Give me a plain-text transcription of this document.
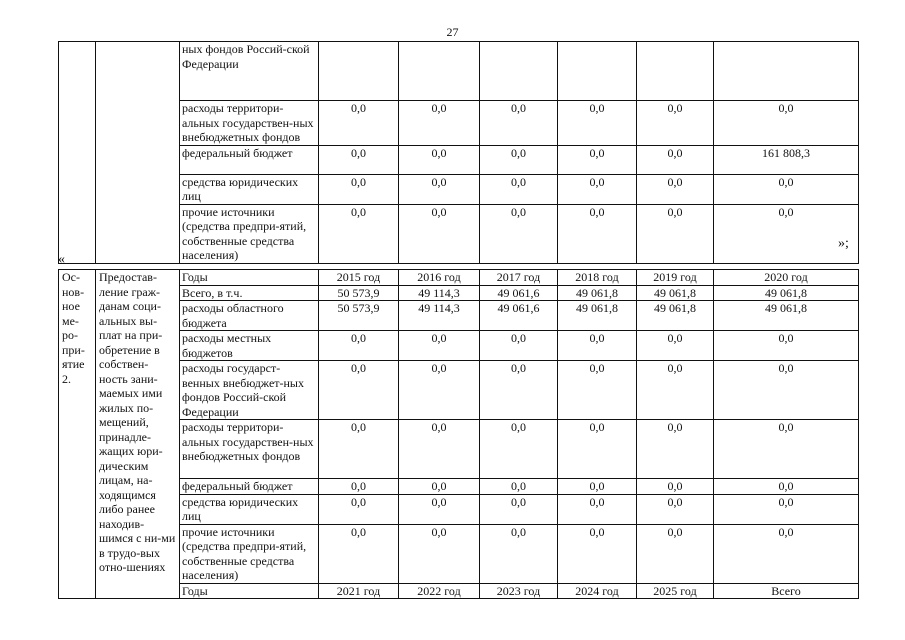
27
		ных фондов Россий-ской Федерации						
		расходы территори-альных государствен-ных внебюджетных фондов	0,0	0,0	0,0	0,0	0,0	0,0
		федеральный бюджет	0,0	0,0	0,0	0,0	0,0	161 808,3
		средства юридических лиц	0,0	0,0	0,0	0,0	0,0	0,0
		прочие источники (средства предпри-ятий, собственные средства населения)	0,0	0,0	0,0	0,0	0,0	0,0
»;
«
Ос-нов-ное ме-ро-при-ятие 2.	Предостав-ление граж-данам соци-альных вы-плат на при-обретение в собствен-ность зани-маемых ими жилых по-мещений, принадле-жащих юри-дическим лицам, на-ходящимся либо ранее находив-шимся с ни-ми в трудо-вых отно-шениях	Годы	2015 год	2016 год	2017 год	2018 год	2019 год	2020 год
		Всего, в т.ч.	50 573,9	49 114,3	49 061,6	49 061,8	49 061,8	49 061,8
		расходы областного бюджета	50 573,9	49 114,3	49 061,6	49 061,8	49 061,8	49 061,8
		расходы местных бюджетов	0,0	0,0	0,0	0,0	0,0	0,0
		расходы государст-венных внебюджет-ных фондов Россий-ской Федерации	0,0	0,0	0,0	0,0	0,0	0,0
		расходы территори-альных государствен-ных внебюджетных фондов	0,0	0,0	0,0	0,0	0,0	0,0
		федеральный бюджет	0,0	0,0	0,0	0,0	0,0	0,0
		средства юридических лиц	0,0	0,0	0,0	0,0	0,0	0,0
		прочие источники (средства предпри-ятий, собственные средства населения)	0,0	0,0	0,0	0,0	0,0	0,0
		Годы	2021 год	2022 год	2023 год	2024 год	2025 год	Всего
